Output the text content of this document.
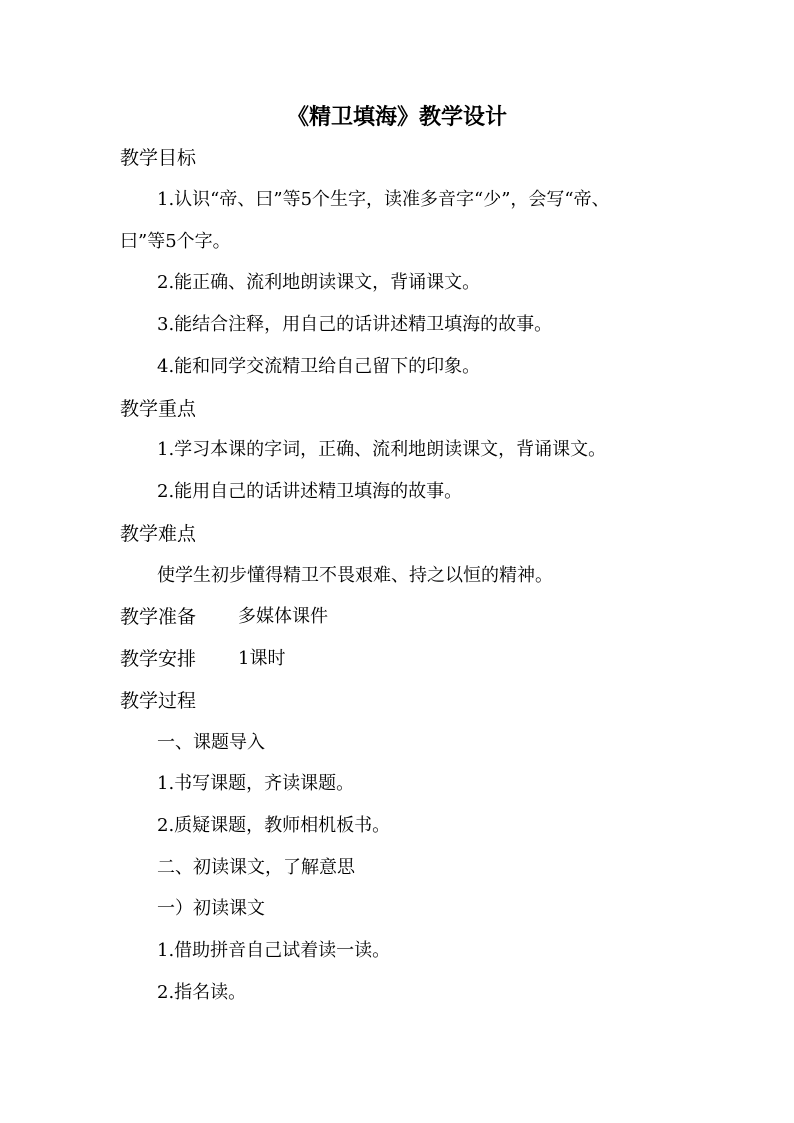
《精卫填海》教学设计
教学目标
1.认识“帝、曰”等5个生字，读准多音字“少”，会写“帝、
曰”等5个字。
2.能正确、流利地朗读课文，背诵课文。
3.能结合注释，用自己的话讲述精卫填海的故事。
4.能和同学交流精卫给自己留下的印象。
教学重点
1.学习本课的字词，正确、流利地朗读课文，背诵课文。
2.能用自己的话讲述精卫填海的故事。
教学难点
使学生初步懂得精卫不畏艰难、持之以恒的精神。
教学准备 多媒体课件
教学安排 1课时
教学过程
一、课题导入
1.书写课题，齐读课题。
2.质疑课题，教师相机板书。
二、初读课文，了解意思
一）初读课文
1.借助拼音自己试着读一读。
2.指名读。
